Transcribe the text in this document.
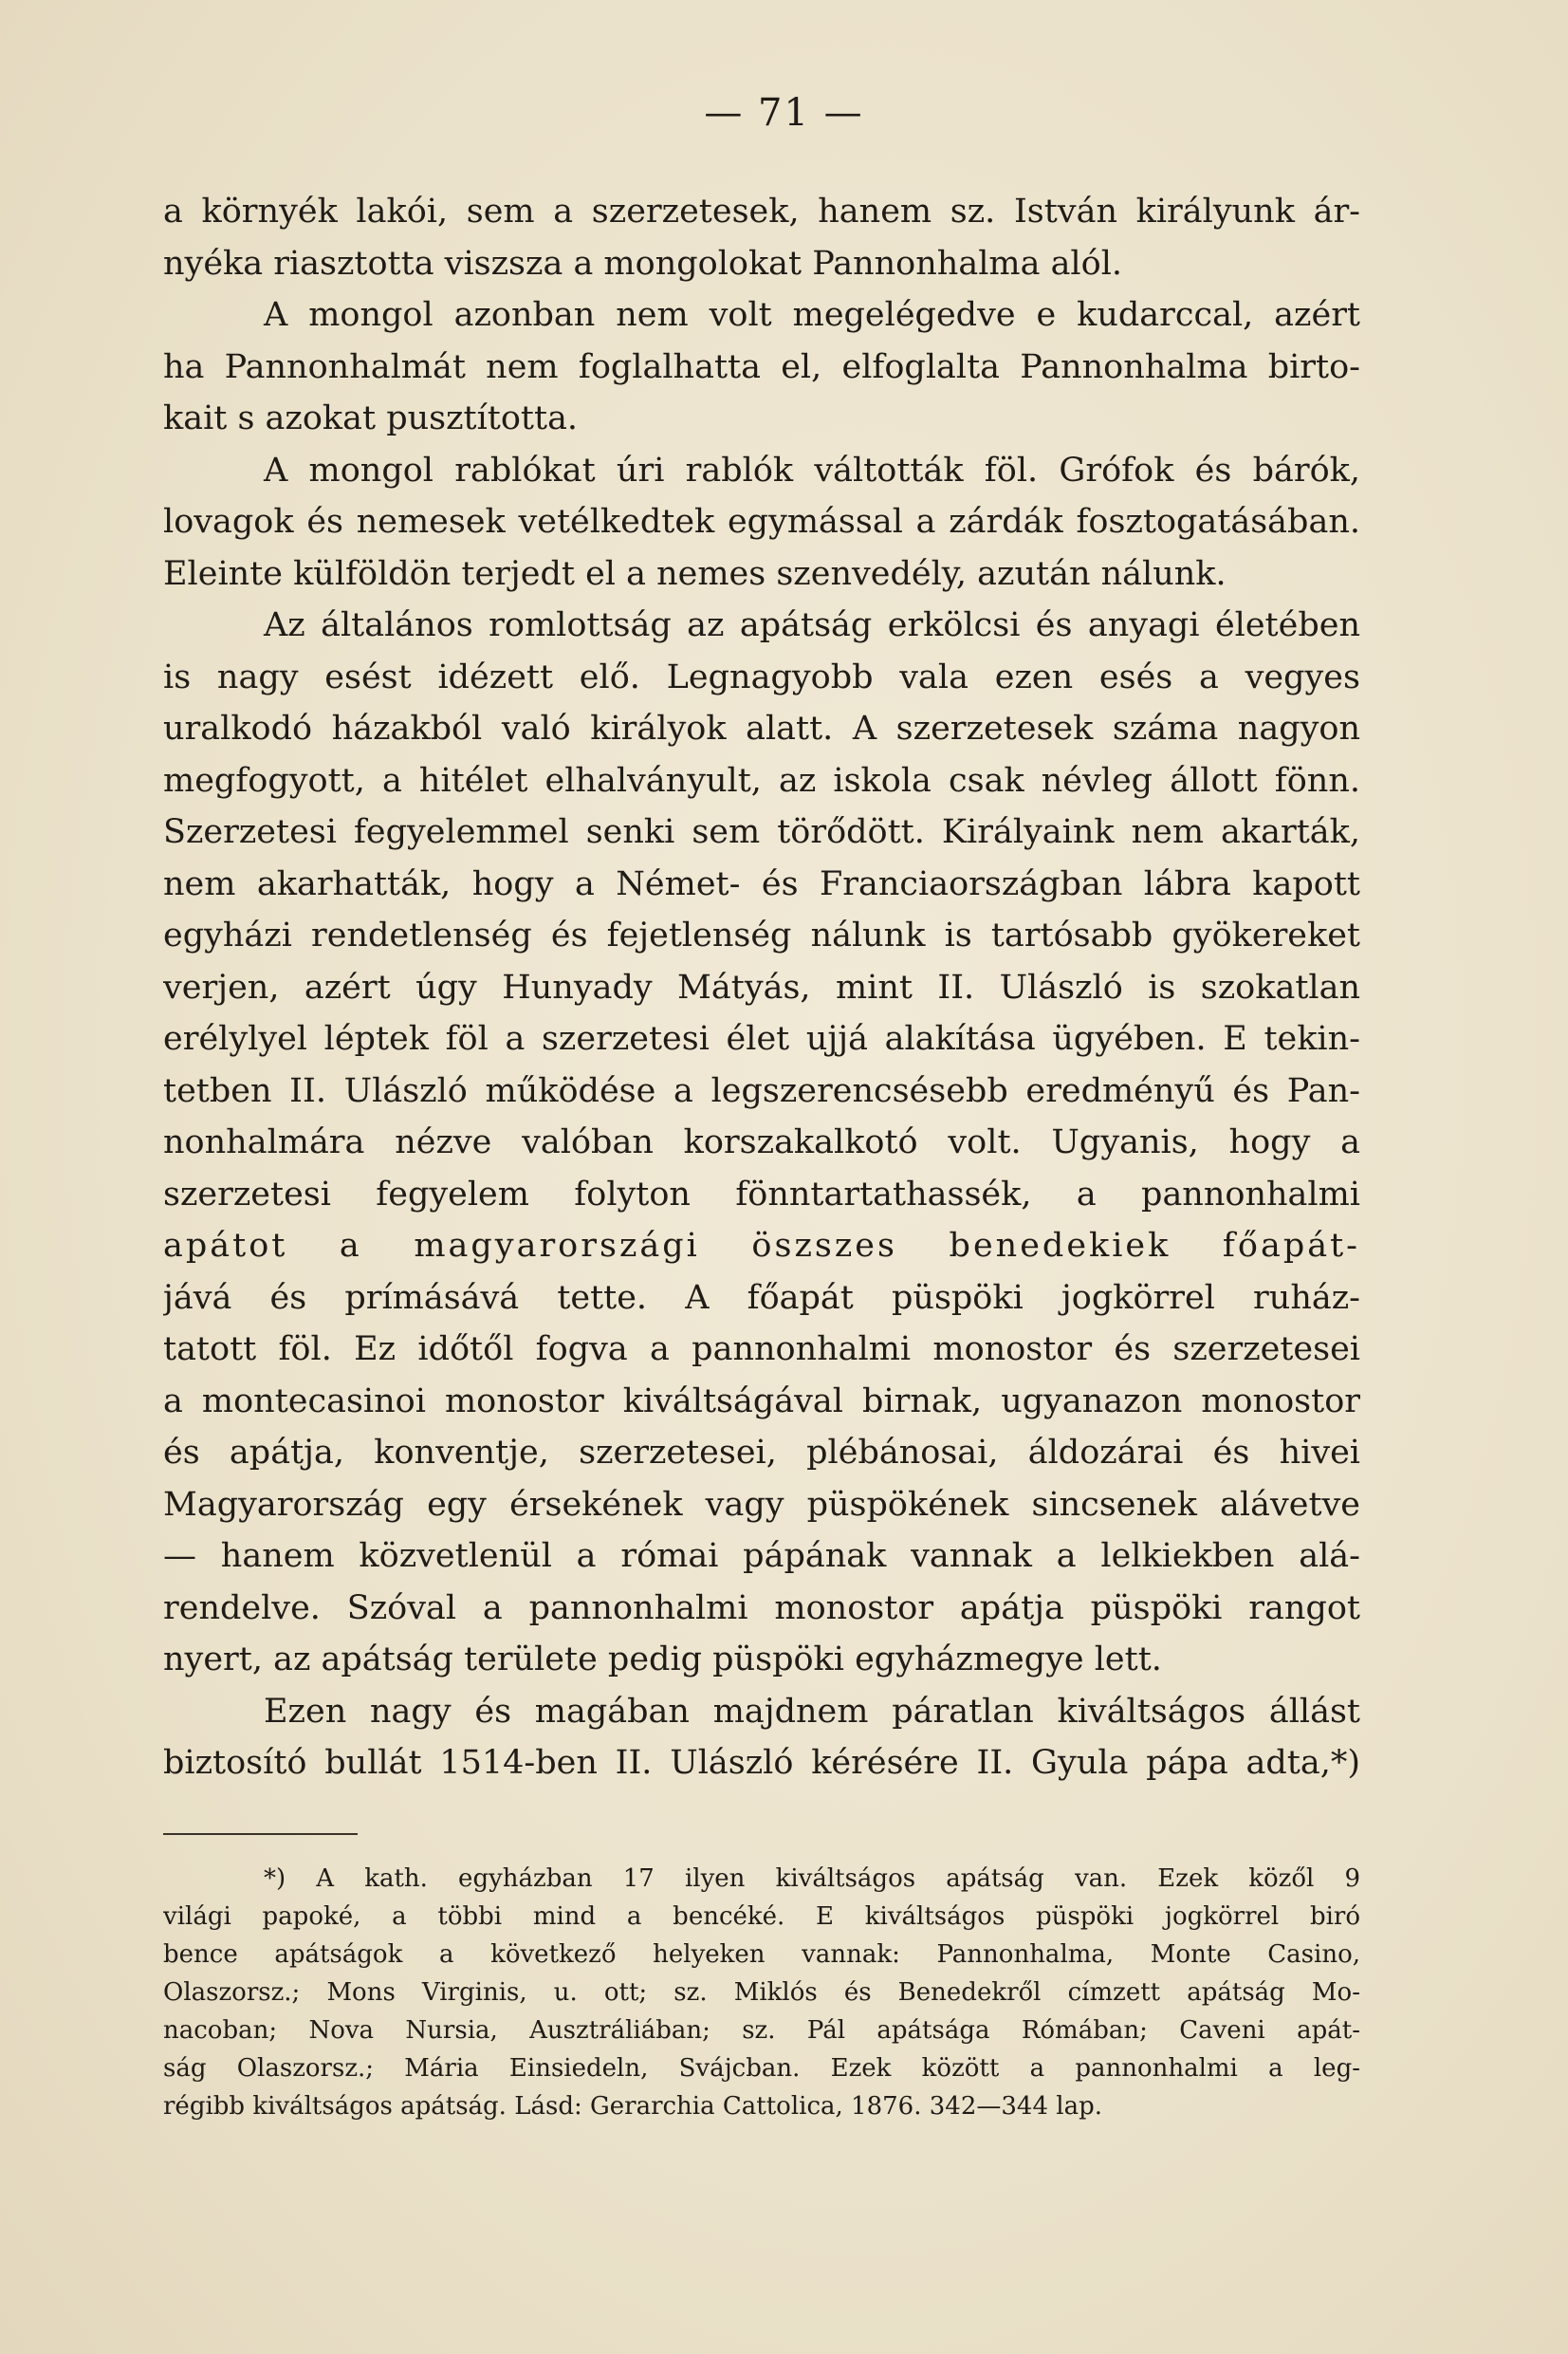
— 71 —
a környék lakói, sem a szerzetesek, hanem sz. István királyunk ár-
nyéka riasztotta viszsza a mongolokat Pannonhalma alól.
A mongol azonban nem volt megelégedve e kudarccal, azért
ha Pannonhalmát nem foglalhatta el, elfoglalta Pannonhalma birto-
kait s azokat pusztította.
A mongol rablókat úri rablók váltották föl. Grófok és bárók,
lovagok és nemesek vetélkedtek egymással a zárdák fosztogatásában.
Eleinte külföldön terjedt el a nemes szenvedély, azután nálunk.
Az általános romlottság az apátság erkölcsi és anyagi életében
is nagy esést idézett elő. Legnagyobb vala ezen esés a vegyes
uralkodó házakból való királyok alatt. A szerzetesek száma nagyon
megfogyott, a hitélet elhalványult, az iskola csak névleg állott fönn.
Szerzetesi fegyelemmel senki sem törődött. Királyaink nem akarták,
nem akarhatták, hogy a Német- és Franciaországban lábra kapott
egyházi rendetlenség és fejetlenség nálunk is tartósabb gyökereket
verjen, azért úgy Hunyady Mátyás, mint II. Ulászló is szokatlan
erélylyel léptek föl a szerzetesi élet ujjá alakítása ügyében. E tekin-
tetben II. Ulászló működése a legszerencsésebb eredményű és Pan-
nonhalmára nézve valóban korszakalkotó volt. Ugyanis, hogy a
szerzetesi fegyelem folyton fönntartathassék, a pannonhalmi
apátot a magyarországi öszszes benedekiek főapát-
jává és prímásává tette. A főapát püspöki jogkörrel ruház-
tatott föl. Ez időtől fogva a pannonhalmi monostor és szerzetesei
a montecasinoi monostor kiváltságával birnak, ugyanazon monostor
és apátja, konventje, szerzetesei, plébánosai, áldozárai és hivei
Magyarország egy érsekének vagy püspökének sincsenek alávetve
— hanem közvetlenül a római pápának vannak a lelkiekben alá-
rendelve. Szóval a pannonhalmi monostor apátja püspöki rangot
nyert, az apátság területe pedig püspöki egyházmegye lett.
Ezen nagy és magában majdnem páratlan kiváltságos állást
biztosító bullát 1514-ben II. Ulászló kérésére II. Gyula pápa adta,*)
*) A kath. egyházban 17 ilyen kiváltságos apátság van. Ezek közől 9
világi papoké, a többi mind a bencéké. E kiváltságos püspöki jogkörrel biró
bence apátságok a következő helyeken vannak: Pannonhalma, Monte Casino,
Olaszorsz.; Mons Virginis, u. ott; sz. Miklós és Benedekről címzett apátság Mo-
nacoban; Nova Nursia, Ausztráliában; sz. Pál apátsága Rómában; Caveni apát-
ság Olaszorsz.; Mária Einsiedeln, Svájcban. Ezek között a pannonhalmi a leg-
régibb kiváltságos apátság. Lásd: Gerarchia Cattolica, 1876. 342—344 lap.
